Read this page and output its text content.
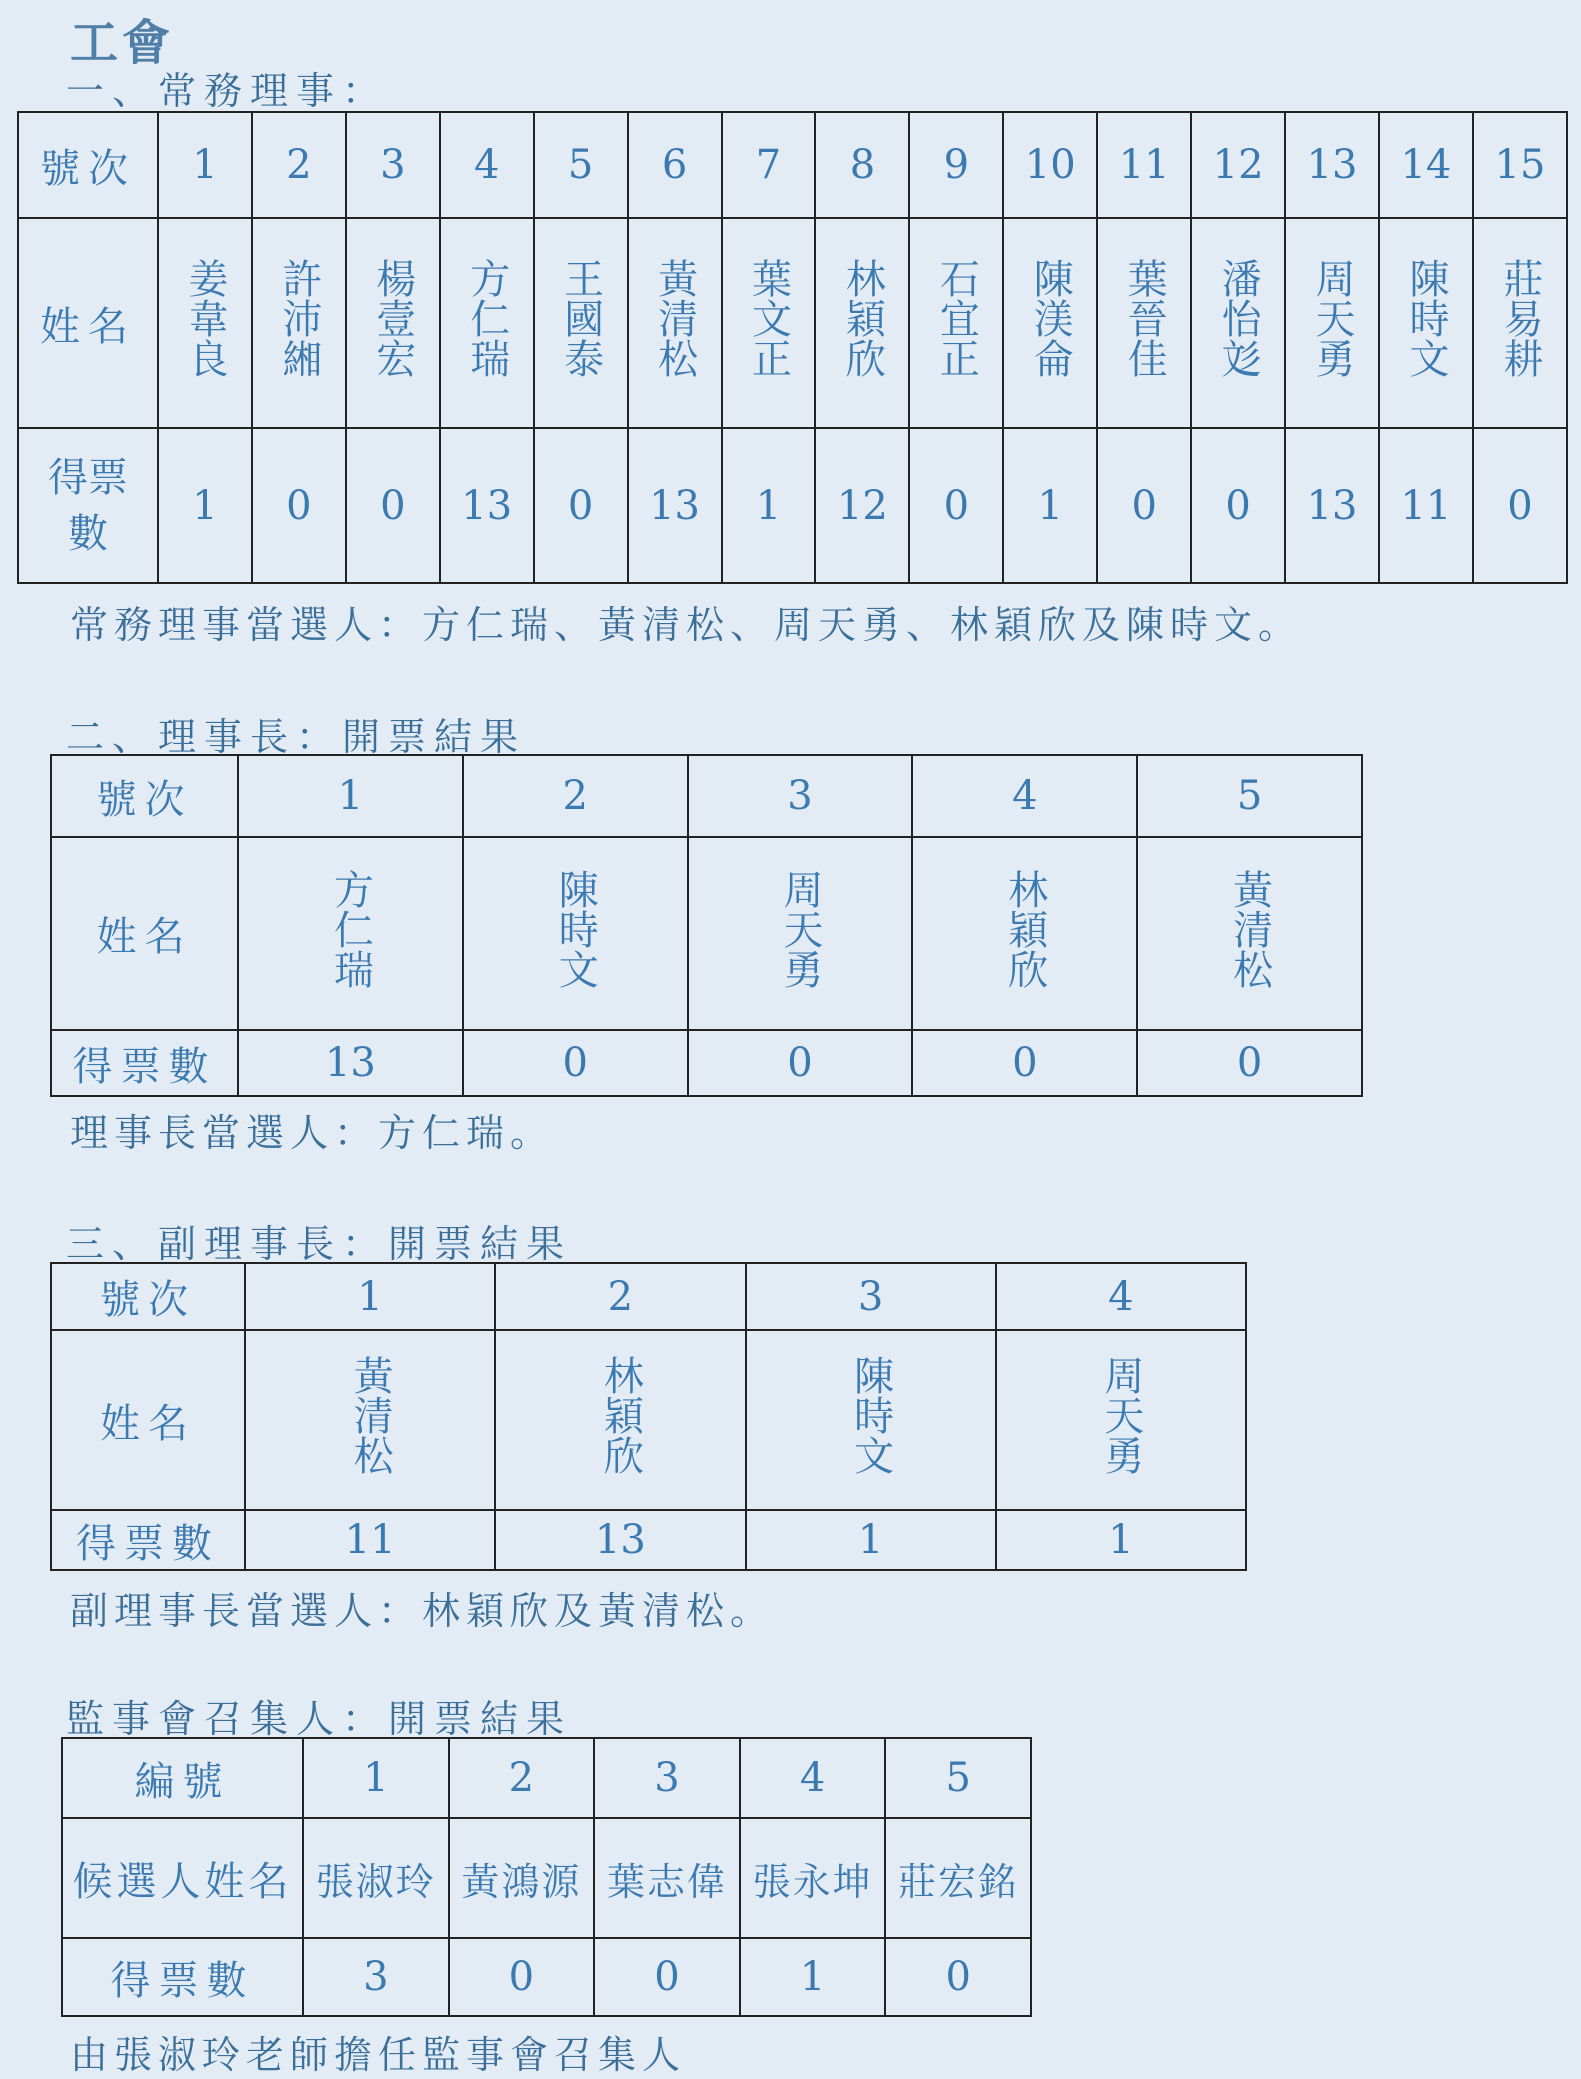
工會
一、常務理事：
號次	1	2	3	4	5	6	7	8	9	10	11	12	13	14	15
姓名	姜韋良	許沛緗	楊壹宏	方仁瑞	王國泰	黃清松	葉文正	林穎欣	石宜正	陳渼侖	葉晉佳	潘怡彣	周天勇	陳時文	莊易耕
得票數	1	0	0	13	0	13	1	12	0	1	0	0	13	11	0
常務理事當選人：方仁瑞、黃清松、周天勇、林穎欣及陳時文。
二、理事長：開票結果
號次	1	2	3	4	5
姓名	方仁瑞	陳時文	周天勇	林穎欣	黃清松
得票數	13	0	0	0	0
理事長當選人：方仁瑞。
三、副理事長：開票結果
號次	1	2	3	4
姓名	黃清松	林穎欣	陳時文	周天勇
得票數	11	13	1	1
副理事長當選人：林穎欣及黃清松。
監事會召集人：開票結果
編號	1	2	3	4	5
候選人姓名	張淑玲	黃鴻源	葉志偉	張永坤	莊宏銘
得票數	3	0	0	1	0
由張淑玲老師擔任監事會召集人
